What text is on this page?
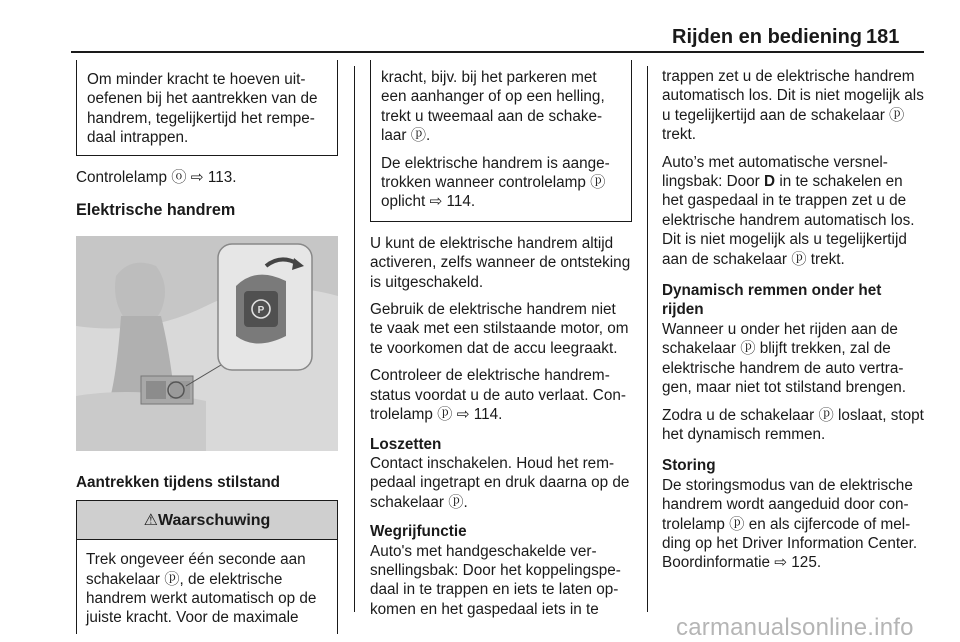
Rijden en bediening 181
Om minder kracht te hoeven uitoefenen bij het aantrekken van de handrem, tegelijkertijd het rempedaal intrappen.

Controlelamp ⓞ ⇨ 113.

Elektrische handrem
P
Aantrekken tijdens stilstand
⚠Waarschuwing
Trek ongeveer één seconde aan schakelaar ⓟ, de elektrische handrem werkt automatisch op de juiste kracht. Voor de maximale

kracht, bijv. bij het parkeren met een aanhanger of op een helling, trekt u tweemaal aan de schakelaar ⓟ.

De elektrische handrem is aangetrokken wanneer controlelamp ⓟ oplicht ⇨ 114.

U kunt de elektrische handrem altijd activeren, zelfs wanneer de ontsteking is uitgeschakeld.

Gebruik de elektrische handrem niet te vaak met een stilstaande motor, om te voorkomen dat de accu leegraakt.

Controleer de elektrische handremstatus voordat u de auto verlaat. Controlelamp ⓟ ⇨ 114.

Loszetten

Contact inschakelen. Houd het rempedaal ingetrapt en druk daarna op de schakelaar ⓟ.

Wegrijfunctie

Auto's met handgeschakelde versnellingsbak: Door het koppelingspedaal in te trappen en iets te laten opkomen en het gaspedaal iets in te

trappen zet u de elektrische handrem automatisch los. Dit is niet mogelijk als u tegelijkertijd aan de schakelaar ⓟ trekt.

Auto’s met automatische versnellingsbak: Door D in te schakelen en het gaspedaal in te trappen zet u de elektrische handrem automatisch los. Dit is niet mogelijk als u tegelijkertijd aan de schakelaar ⓟ trekt.

Dynamisch remmen onder het rijden

Wanneer u onder het rijden aan de schakelaar ⓟ blijft trekken, zal de elektrische handrem de auto vertragen, maar niet tot stilstand brengen.

Zodra u de schakelaar ⓟ loslaat, stopt het dynamisch remmen.

Storing

De storingsmodus van de elektrische handrem wordt aangeduid door controlelamp ⓟ en als cijfercode of melding op het Driver Information Center. Boordinformatie ⇨ 125.

carmanualsonline.info
